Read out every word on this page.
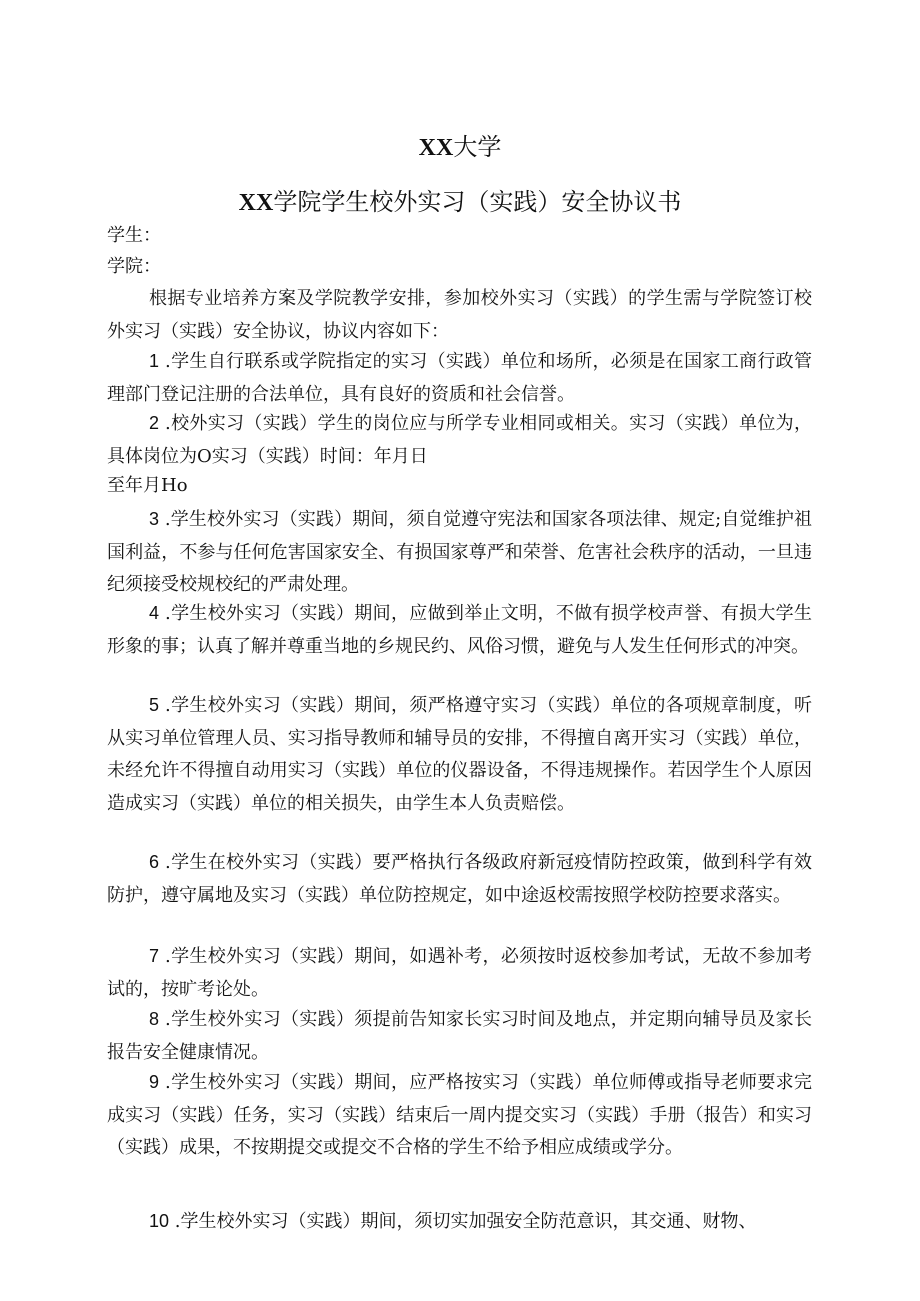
XX大学
XX学院学生校外实习（实践）安全协议书
学生：
学院：
根据专业培养方案及学院教学安排，参加校外实习（实践）的学生需与学院签订校外实习（实践）安全协议，协议内容如下：
1 .学生自行联系或学院指定的实习（实践）单位和场所，必须是在国家工商行政管理部门登记注册的合法单位，具有良好的资质和社会信誉。
2 .校外实习（实践）学生的岗位应与所学专业相同或相关。实习（实践）单位为，具体岗位为O实习（实践）时间：年月日
至年月Ho
3 .学生校外实习（实践）期间，须自觉遵守宪法和国家各项法律、规定;自觉维护祖国利益，不参与任何危害国家安全、有损国家尊严和荣誉、危害社会秩序的活动，一旦违纪须接受校规校纪的严肃处理。
4 .学生校外实习（实践）期间，应做到举止文明，不做有损学校声誉、有损大学生形象的事；认真了解并尊重当地的乡规民约、风俗习惯，避免与人发生任何形式的冲突。
5 .学生校外实习（实践）期间，须严格遵守实习（实践）单位的各项规章制度，听从实习单位管理人员、实习指导教师和辅导员的安排，不得擅自离开实习（实践）单位，未经允许不得擅自动用实习（实践）单位的仪器设备，不得违规操作。若因学生个人原因造成实习（实践）单位的相关损失，由学生本人负责赔偿。
6 .学生在校外实习（实践）要严格执行各级政府新冠疫情防控政策，做到科学有效防护，遵守属地及实习（实践）单位防控规定，如中途返校需按照学校防控要求落实。
7 .学生校外实习（实践）期间，如遇补考，必须按时返校参加考试，无故不参加考试的，按旷考论处。
8 .学生校外实习（实践）须提前告知家长实习时间及地点，并定期向辅导员及家长报告安全健康情况。
9 .学生校外实习（实践）期间，应严格按实习（实践）单位师傅或指导老师要求完成实习（实践）任务，实习（实践）结束后一周内提交实习（实践）手册（报告）和实习（实践）成果，不按期提交或提交不合格的学生不给予相应成绩或学分。
10 .学生校外实习（实践）期间，须切实加强安全防范意识，其交通、财物、
